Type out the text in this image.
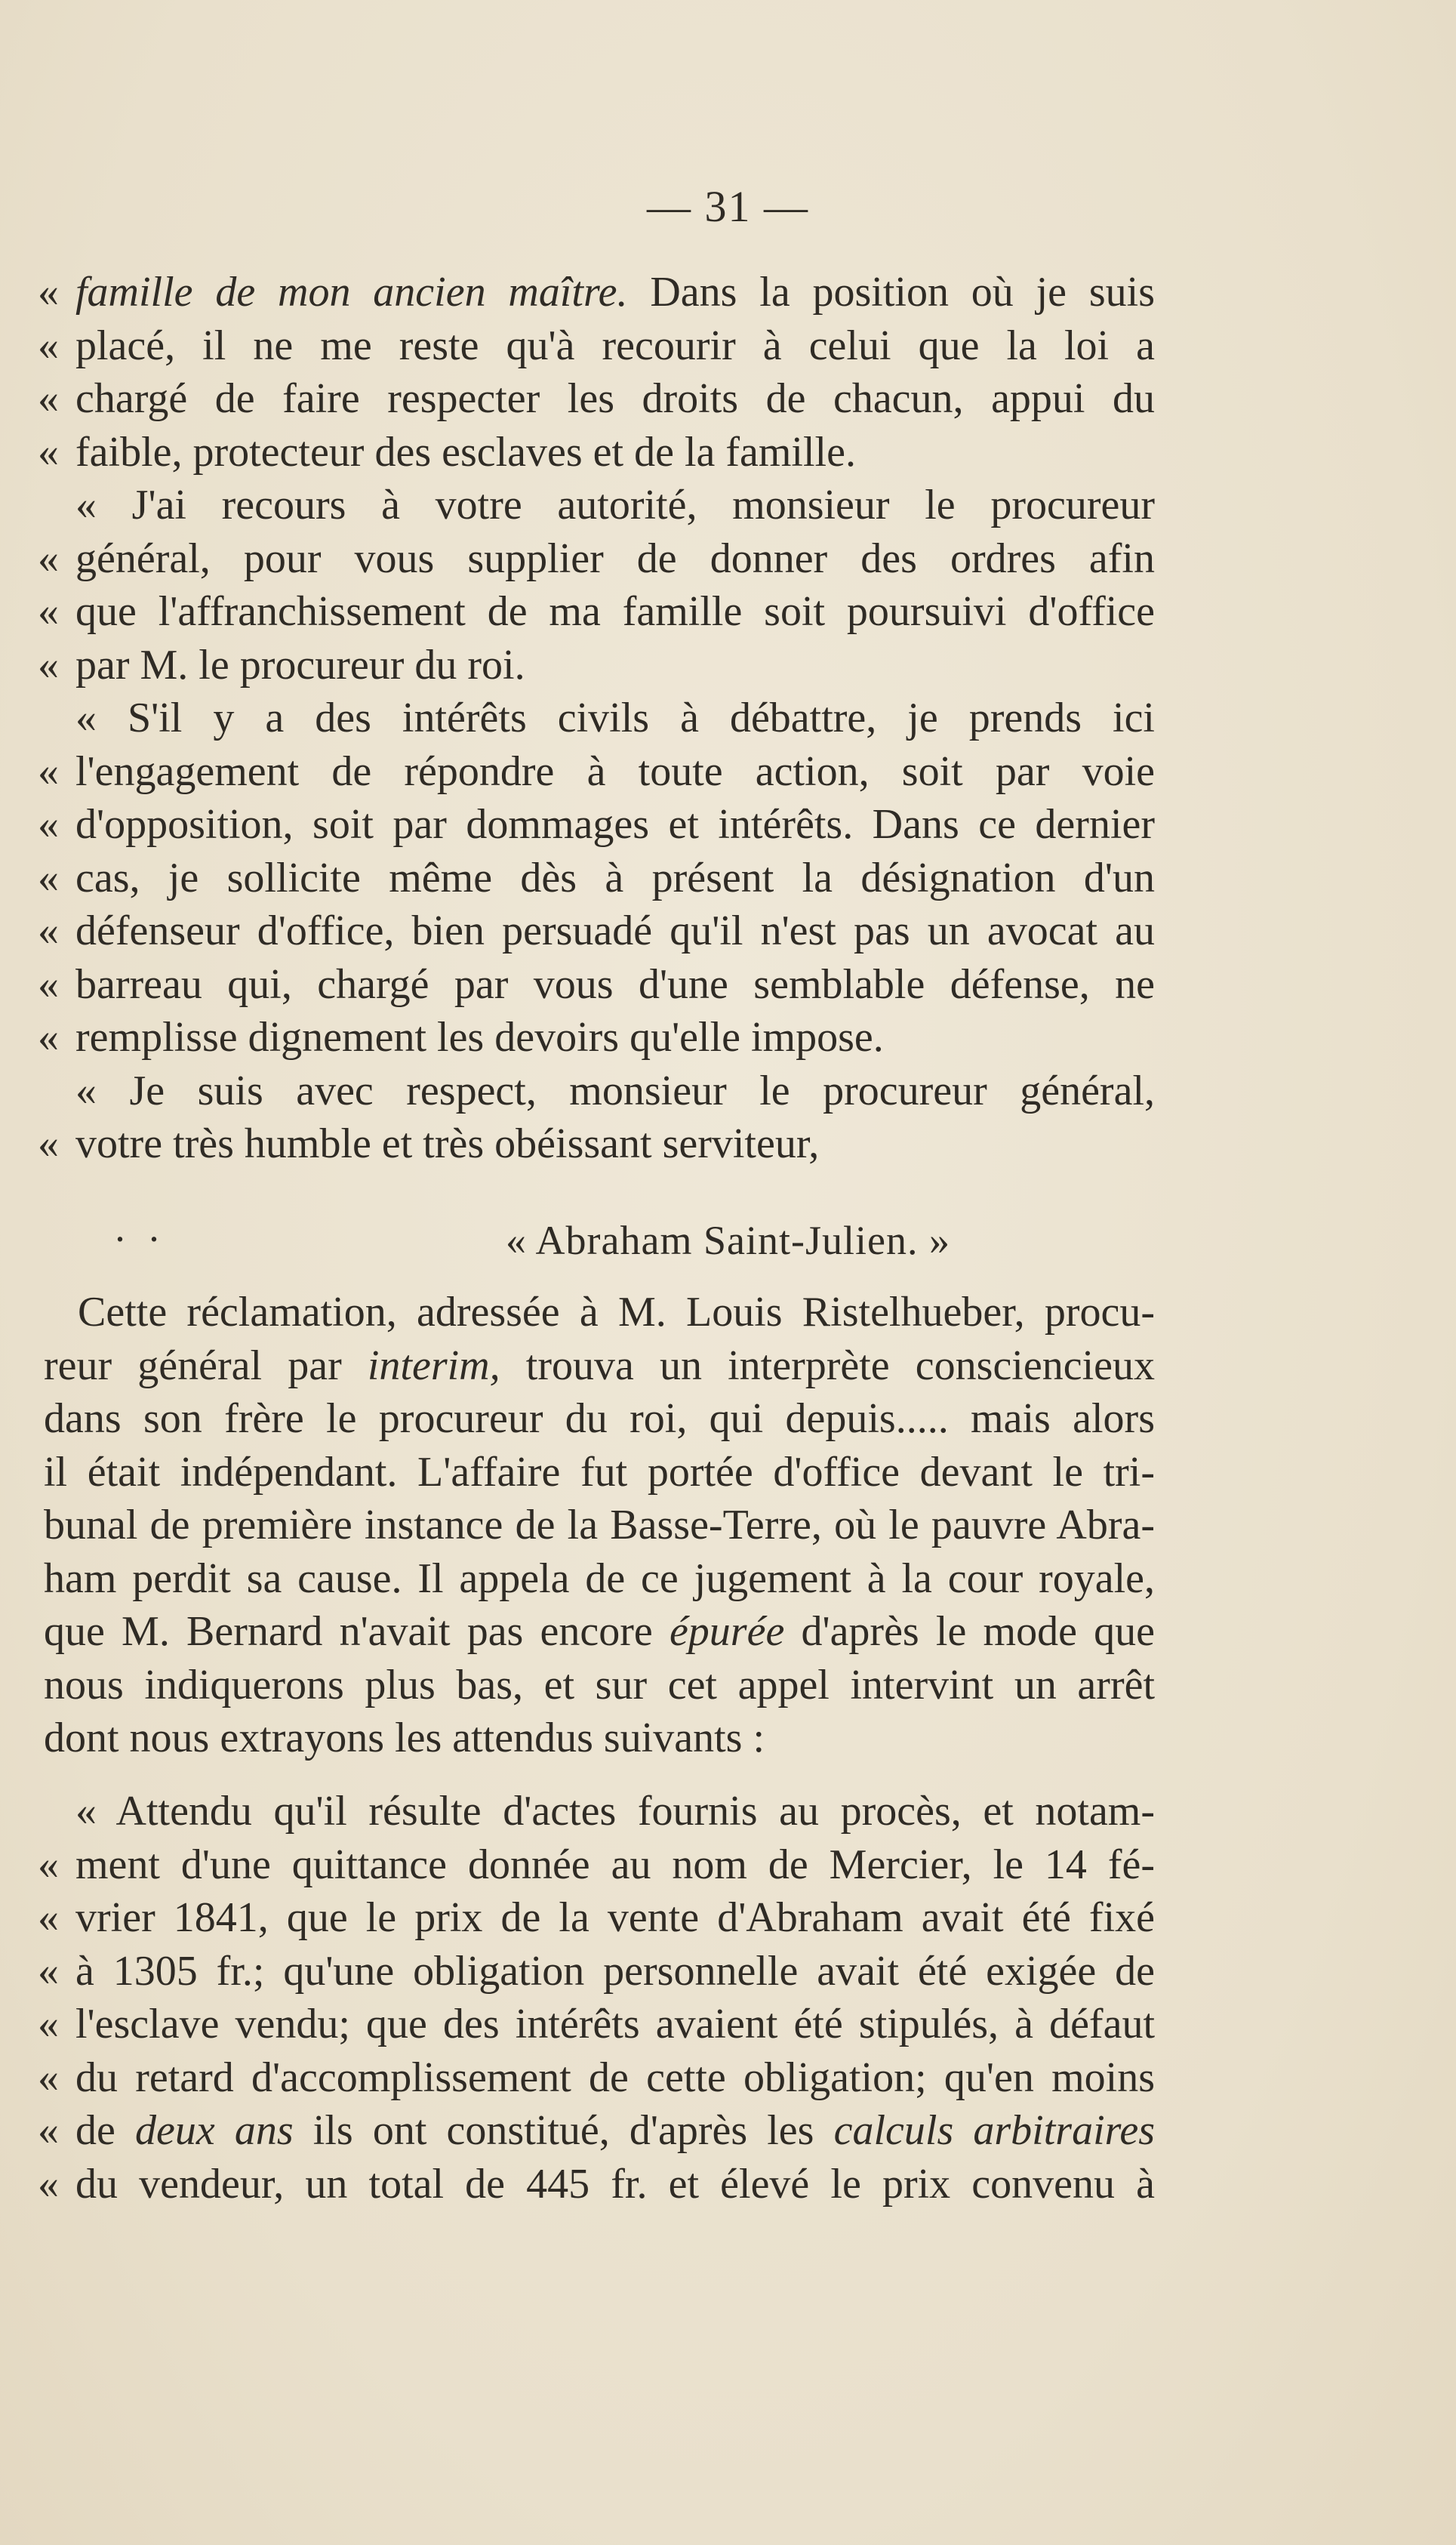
— 31 —
·  ·	« Abraham Saint-Julien. »
« famille de mon ancien maître. Dans la position où je suis
« placé, il ne me reste qu'à recourir à celui que la loi a
« chargé de faire respecter les droits de chacun, appui du
« faible, protecteur des esclaves et de la famille.
« J'ai recours à votre autorité, monsieur le procureur
« général, pour vous supplier de donner des ordres afin
« que l'affranchissement de ma famille soit poursuivi d'office
« par M. le procureur du roi.
« S'il y a des intérêts civils à débattre, je prends ici
« l'engagement de répondre à toute action, soit par voie
« d'opposition, soit par dommages et intérêts. Dans ce dernier
« cas, je sollicite même dès à présent la désignation d'un
« défenseur d'office, bien persuadé qu'il n'est pas un avocat au
« barreau qui, chargé par vous d'une semblable défense, ne
« remplisse dignement les devoirs qu'elle impose.
« Je suis avec respect, monsieur le procureur général,
« votre très humble et très obéissant serviteur,
Cette réclamation, adressée à M. Louis Ristelhueber, procu-
reur général par interim, trouva un interprète consciencieux
dans son frère le procureur du roi, qui depuis..... mais alors
il était indépendant. L'affaire fut portée d'office devant le tri-
bunal de première instance de la Basse-Terre, où le pauvre Abra-
ham perdit sa cause. Il appela de ce jugement à la cour royale,
que M. Bernard n'avait pas encore épurée d'après le mode que
nous indiquerons plus bas, et sur cet appel intervint un arrêt
dont nous extrayons les attendus suivants :
« Attendu qu'il résulte d'actes fournis au procès, et notam-
« ment d'une quittance donnée au nom de Mercier, le 14 fé-
« vrier 1841, que le prix de la vente d'Abraham avait été fixé
« à 1305 fr.; qu'une obligation personnelle avait été exigée de
« l'esclave vendu; que des intérêts avaient été stipulés, à défaut
« du retard d'accomplissement de cette obligation; qu'en moins
« de deux ans ils ont constitué, d'après les calculs arbitraires
« du vendeur, un total de 445 fr. et élevé le prix convenu à
